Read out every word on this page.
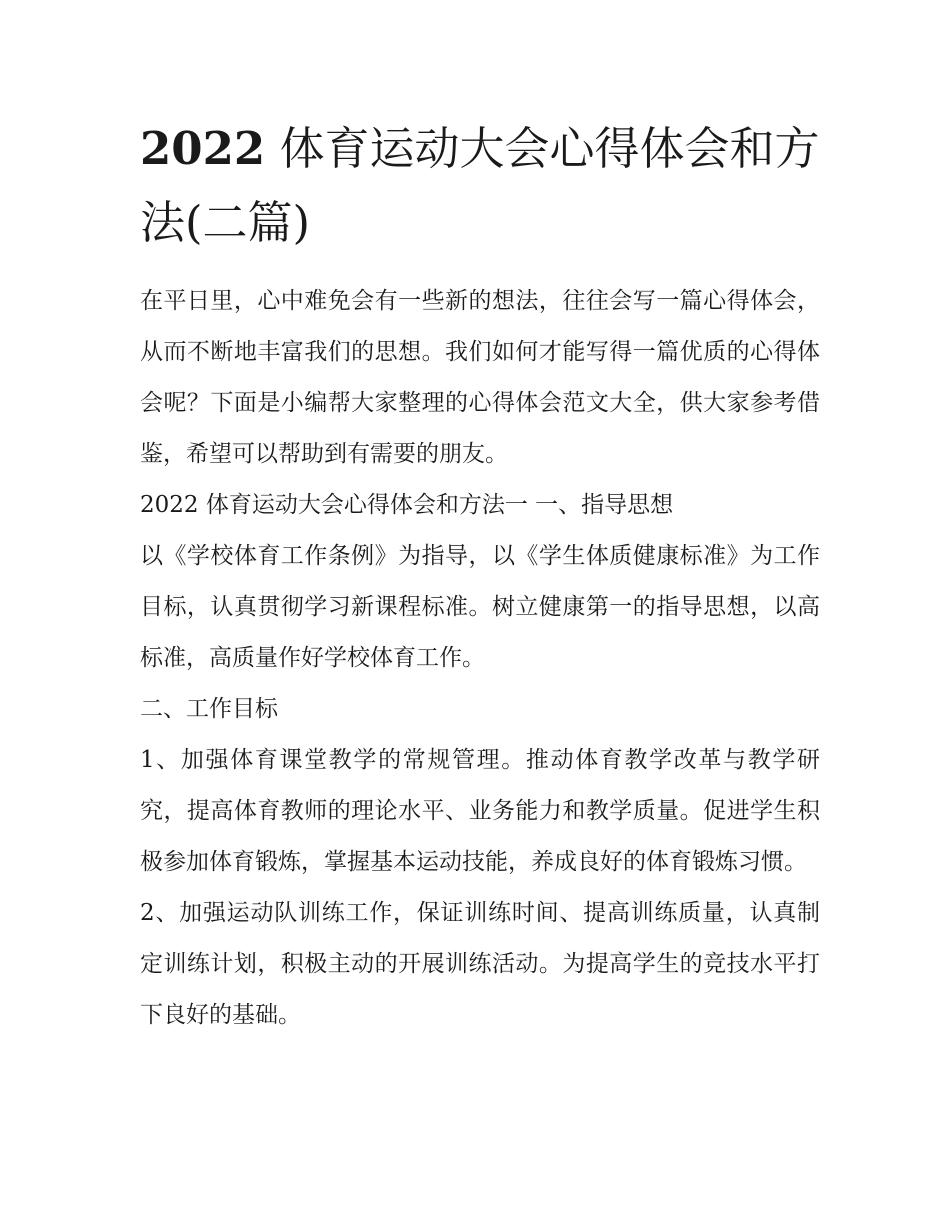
2022 体育运动大会心得体会和方法(二篇)

在平日里，心中难免会有一些新的想法，往往会写一篇心得体会，从而不断地丰富我们的思想。我们如何才能写得一篇优质的心得体会呢？下面是小编帮大家整理的心得体会范文大全，供大家参考借鉴，希望可以帮助到有需要的朋友。

2022 体育运动大会心得体会和方法一 一、指导思想

以《学校体育工作条例》为指导，以《学生体质健康标准》为工作目标，认真贯彻学习新课程标准。树立健康第一的指导思想，以高标准，高质量作好学校体育工作。

二、工作目标

1、加强体育课堂教学的常规管理。推动体育教学改革与教学研究，提高体育教师的理论水平、业务能力和教学质量。促进学生积极参加体育锻炼，掌握基本运动技能，养成良好的体育锻炼习惯。

2、加强运动队训练工作，保证训练时间、提高训练质量，认真制定训练计划，积极主动的开展训练活动。为提高学生的竞技水平打下良好的基础。
